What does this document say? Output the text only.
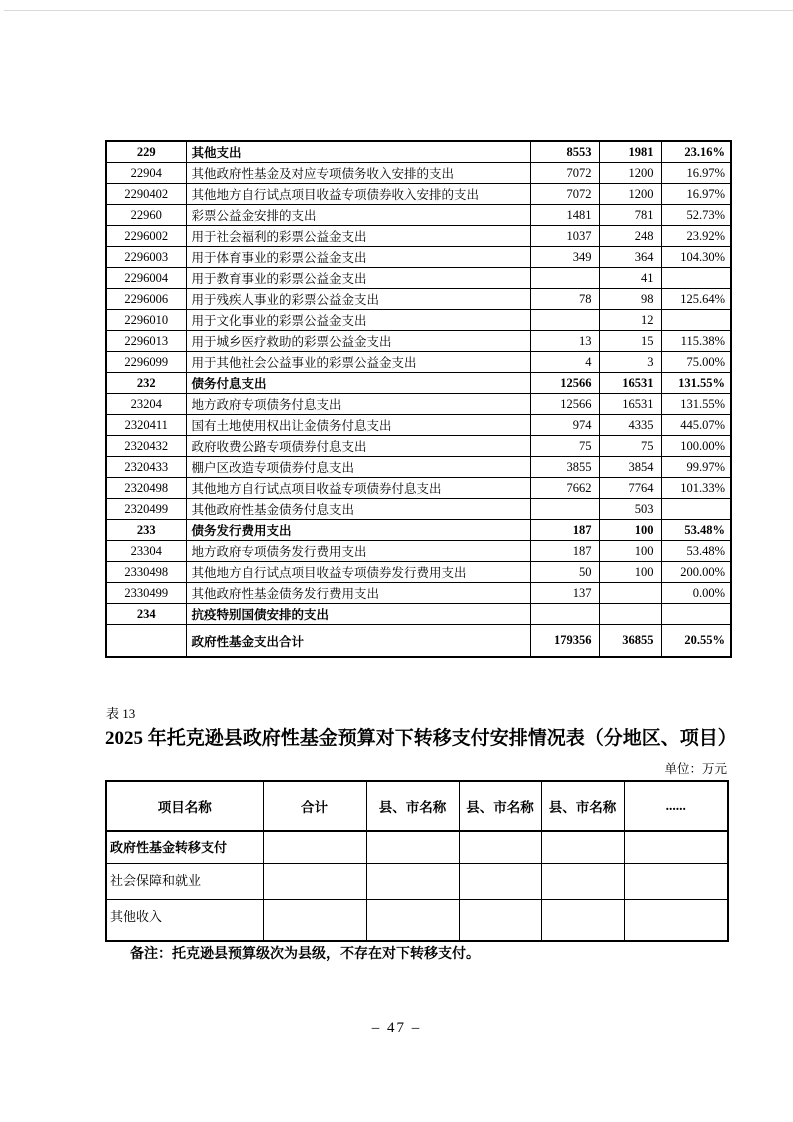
229	其他支出	8553	1981	23.16%
22904	其他政府性基金及对应专项债务收入安排的支出	7072	1200	16.97%
2290402	其他地方自行试点项目收益专项债券收入安排的支出	7072	1200	16.97%
22960	彩票公益金安排的支出	1481	781	52.73%
2296002	用于社会福利的彩票公益金支出	1037	248	23.92%
2296003	用于体育事业的彩票公益金支出	349	364	104.30%
2296004	用于教育事业的彩票公益金支出		41	
2296006	用于残疾人事业的彩票公益金支出	78	98	125.64%
2296010	用于文化事业的彩票公益金支出		12	
2296013	用于城乡医疗救助的彩票公益金支出	13	15	115.38%
2296099	用于其他社会公益事业的彩票公益金支出	4	3	75.00%
232	债务付息支出	12566	16531	131.55%
23204	地方政府专项债务付息支出	12566	16531	131.55%
2320411	国有土地使用权出让金债务付息支出	974	4335	445.07%
2320432	政府收费公路专项债券付息支出	75	75	100.00%
2320433	棚户区改造专项债券付息支出	3855	3854	99.97%
2320498	其他地方自行试点项目收益专项债券付息支出	7662	7764	101.33%
2320499	其他政府性基金债务付息支出		503	
233	债务发行费用支出	187	100	53.48%
23304	地方政府专项债务发行费用支出	187	100	53.48%
2330498	其他地方自行试点项目收益专项债券发行费用支出	50	100	200.00%
2330499	其他政府性基金债务发行费用支出	137		0.00%
234	抗疫特别国债安排的支出			
	政府性基金支出合计	179356	36855	20.55%
表 13
2025 年托克逊县政府性基金预算对下转移支付安排情况表（分地区、项目）
单位：万元
项目名称	合计	县、市名称	县、市名称	县、市名称	......
政府性基金转移支付					
社会保障和就业					
其他收入					
备注：托克逊县预算级次为县级，不存在对下转移支付。
– 47 –
